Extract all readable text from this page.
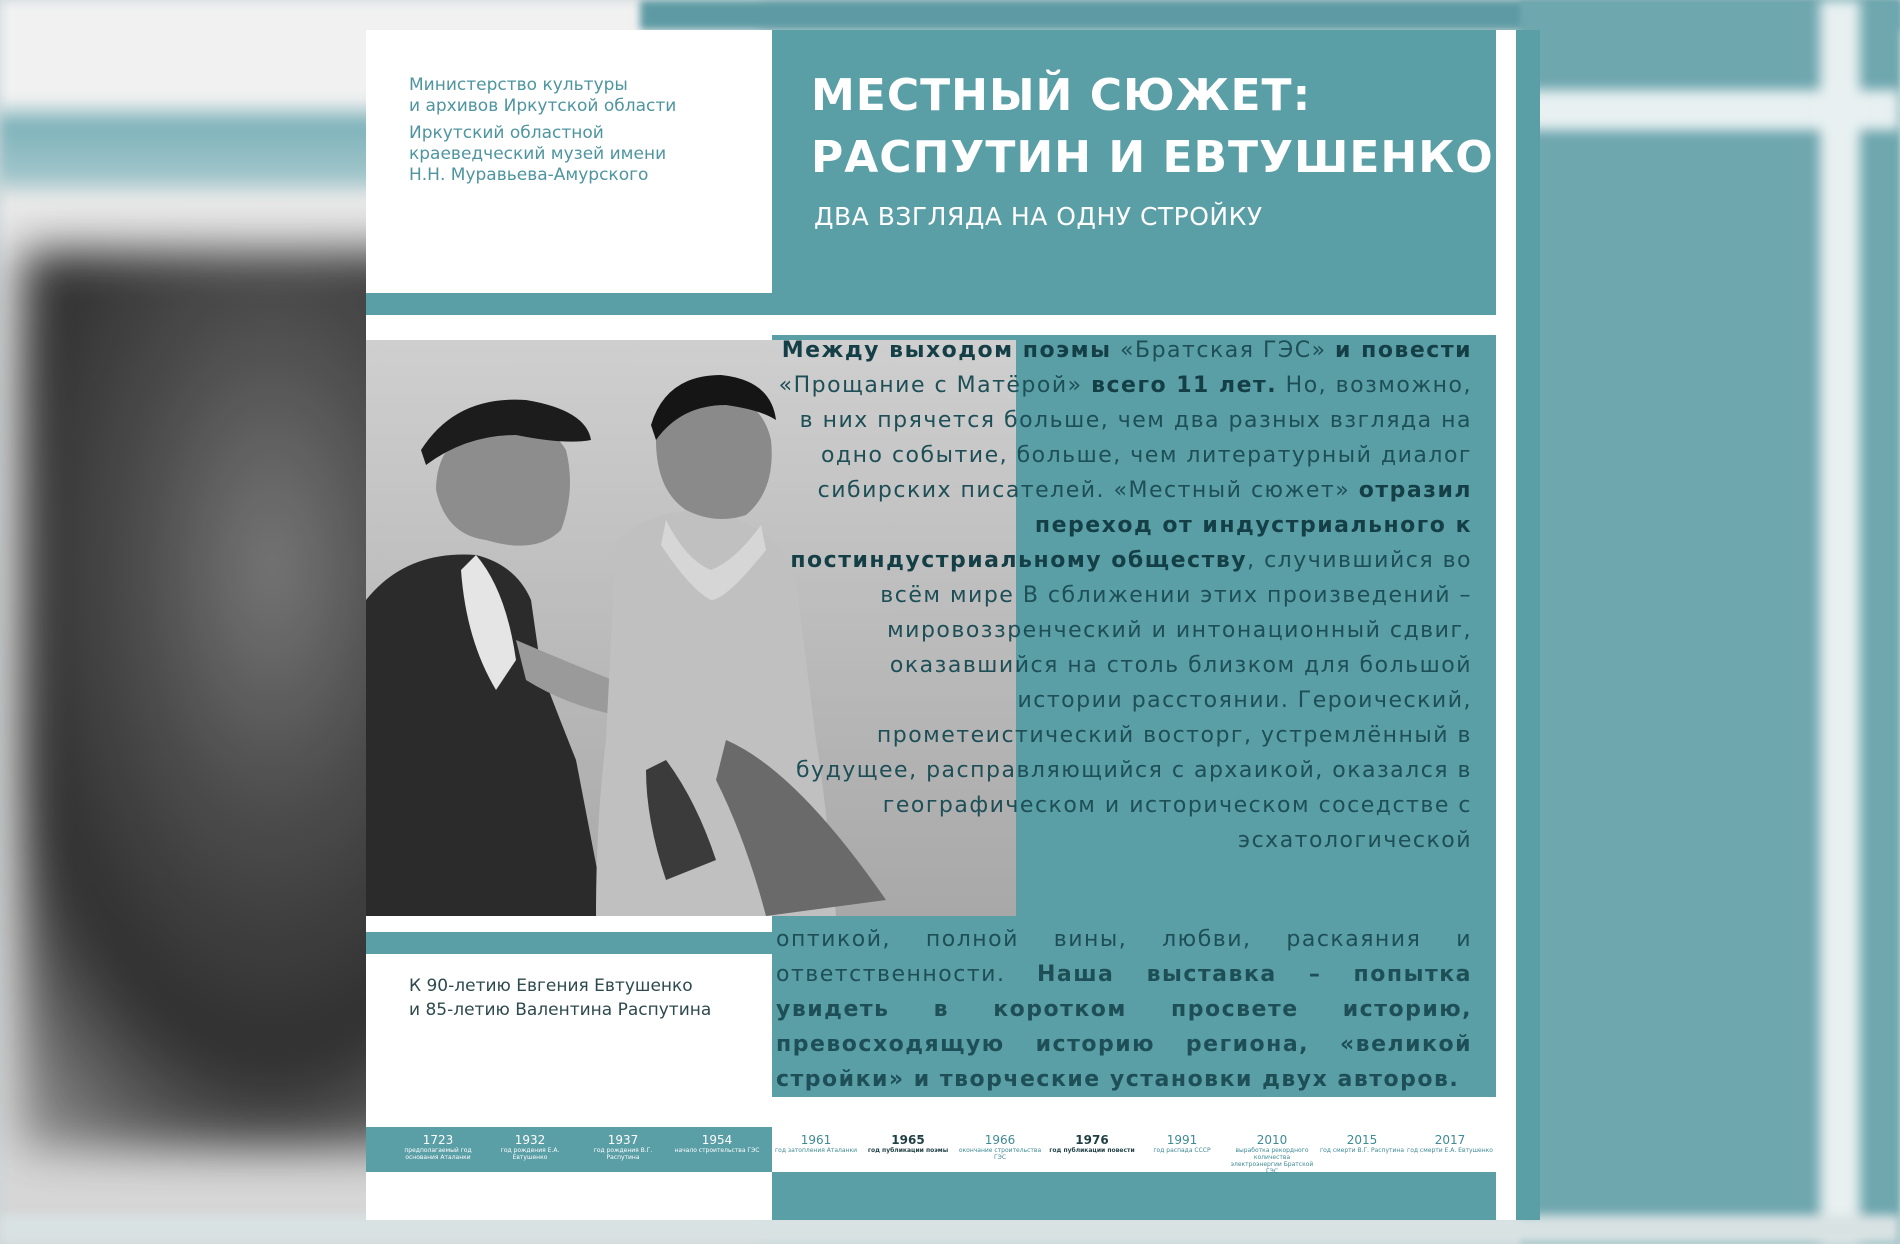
Министерство культуры
и архивов Иркутской области

Иркутский областной
краеведческий музей имени
Н.Н. Муравьева-Амурского

МЕСТНЫЙ СЮЖЕТ:
РАСПУТИН И ЕВТУШЕНКО
ДВА ВЗГЛЯДА НА ОДНУ СТРОЙКУ
Между выходом поэмы «Братская ГЭС» и повести «Прощание с Матёрой» всего 11 лет. Но, возможно, в них прячется больше, чем два разных взгляда на одно событие, больше, чем литературный диалог сибирских писателей. «Местный сюжет» отразил переход от индустриального к постиндустриальному обществу, случившийся во всём мире В сближении этих произведений – мировоззренческий и интонационный сдвиг, оказавшийся на столь близком для большой истории расстоянии. Героический, прометеистический восторг, устремлённый в будущее, расправляющийся с архаикой, оказался в географическом и историческом соседстве с эсхатологической
оптикой, полной вины, любви, раскаяния и ответственности. Наша выставка – попытка увидеть в коротком просвете историю, превосходящую историю региона, «великой стройки» и творческие установки двух авторов.
К 90-летию Евгения Евтушенко
и 85-летию Валентина Распутина
1723
предполагаемый год основания Аталанки
1932
год рождения Е.А. Евтушенко
1937
год рождения В.Г. Распутина
1954
начало строительства ГЭС
1961
год затопления Аталанки
1965
год публикации поэмы
1966
окончание строительства ГЭС
1976
год публикации повести
1991
год распада СССР
2010
выработка рекордного количества электроэнергии Братской ГЭС
2015
год смерти В.Г. Распутина
2017
год смерти Е.А. Евтушенко
